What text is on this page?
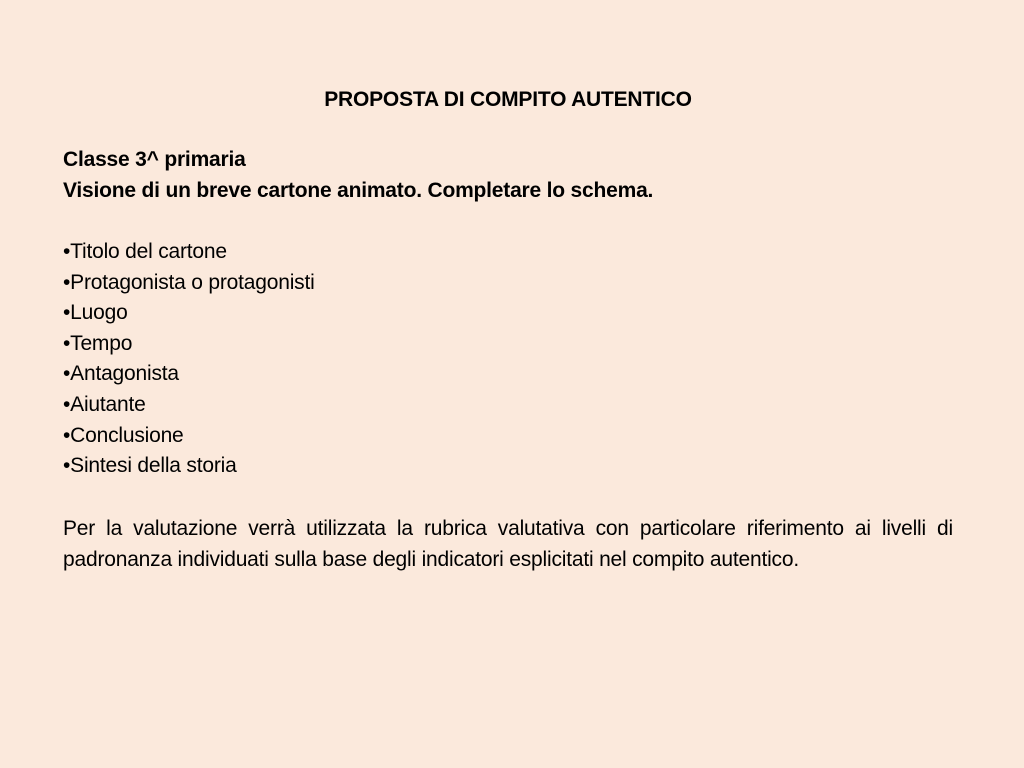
PROPOSTA DI COMPITO AUTENTICO
Classe 3^ primaria
Visione di un breve cartone animato. Completare lo schema.
•Titolo del cartone
•Protagonista o protagonisti
•Luogo
•Tempo
•Antagonista
•Aiutante
•Conclusione
•Sintesi della storia

Per la valutazione verrà utilizzata la rubrica valutativa con particolare riferimento ai livelli di padronanza individuati sulla base degli indicatori esplicitati nel compito autentico.
